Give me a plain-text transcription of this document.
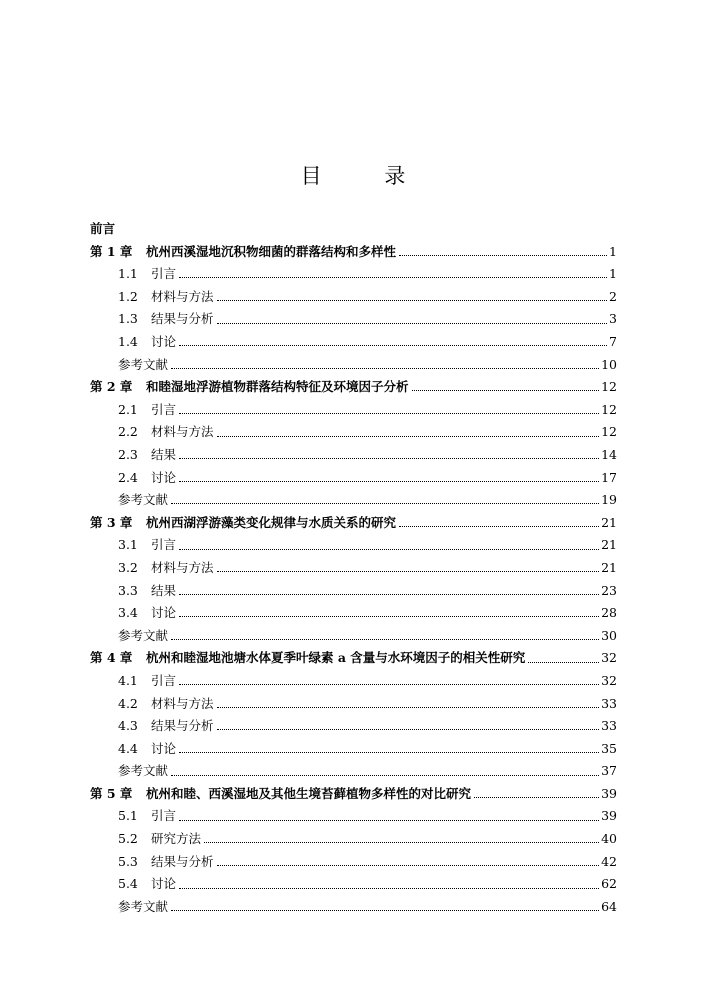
目 录
前言
第 1 章	杭州西溪湿地沉积物细菌的群落结构和多样性	1
1.1	引言	1
1.2	材料与方法	2
1.3	结果与分析	3
1.4	讨论	7
参考文献	10
第 2 章	和睦湿地浮游植物群落结构特征及环境因子分析	12
2.1	引言	12
2.2	材料与方法	12
2.3	结果	14
2.4	讨论	17
参考文献	19
第 3 章	杭州西湖浮游藻类变化规律与水质关系的研究	21
3.1	引言	21
3.2	材料与方法	21
3.3	结果	23
3.4	讨论	28
参考文献	30
第 4 章	杭州和睦湿地池塘水体夏季叶绿素 a 含量与水环境因子的相关性研究	32
4.1	引言	32
4.2	材料与方法	33
4.3	结果与分析	33
4.4	讨论	35
参考文献	37
第 5 章	杭州和睦、西溪湿地及其他生境苔藓植物多样性的对比研究	39
5.1	引言	39
5.2	研究方法	40
5.3	结果与分析	42
5.4	讨论	62
参考文献	64
